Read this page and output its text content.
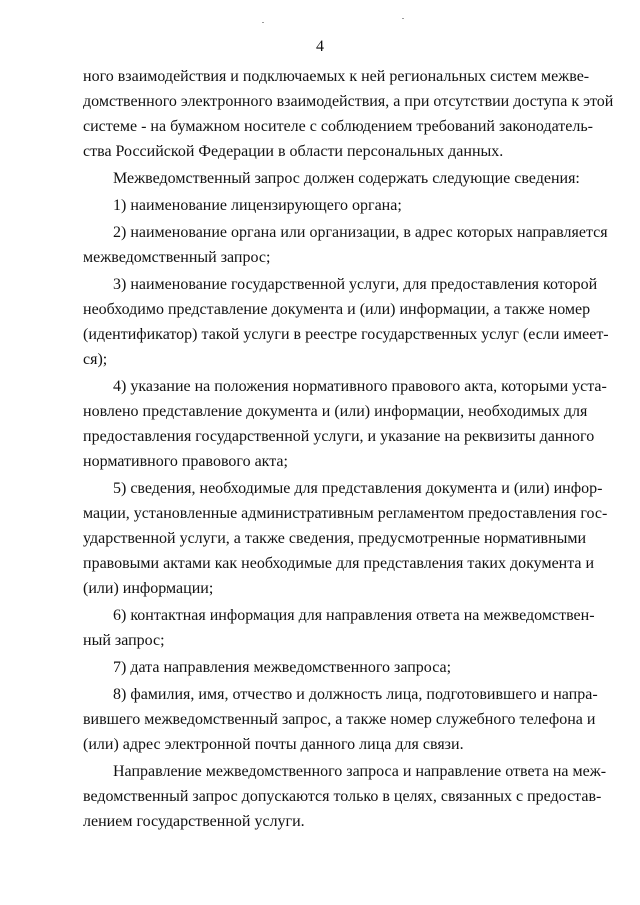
4

ного взаимодействия и подключаемых к ней региональных систем межве-
домственного электронного взаимодействия, а при отсутствии доступа к этой
системе - на бумажном носителе с соблюдением требований законодатель-
ства Российской Федерации в области персональных данных.

Межведомственный запрос должен содержать следующие сведения:

1) наименование лицензирующего органа;

2) наименование органа или организации, в адрес которых направляется
межведомственный запрос;

3) наименование государственной услуги, для предоставления которой
необходимо представление документа и (или) информации, а также номер
(идентификатор) такой услуги в реестре государственных услуг (если имеет-
ся);

4) указание на положения нормативного правового акта, которыми уста-
новлено представление документа и (или) информации, необходимых для
предоставления государственной услуги, и указание на реквизиты данного
нормативного правового акта;

5) сведения, необходимые для представления документа и (или) инфор-
мации, установленные административным регламентом предоставления гос-
ударственной услуги, а также сведения, предусмотренные нормативными
правовыми актами как необходимые для представления таких документа и
(или) информации;

6) контактная информация для направления ответа на межведомствен-
ный запрос;

7) дата направления межведомственного запроса;

8) фамилия, имя, отчество и должность лица, подготовившего и напра-
вившего межведомственный запрос, а также номер служебного телефона и
(или) адрес электронной почты данного лица для связи.

Направление межведомственного запроса и направление ответа на меж-
ведомственный запрос допускаются только в целях, связанных с предостав-
лением государственной услуги.
